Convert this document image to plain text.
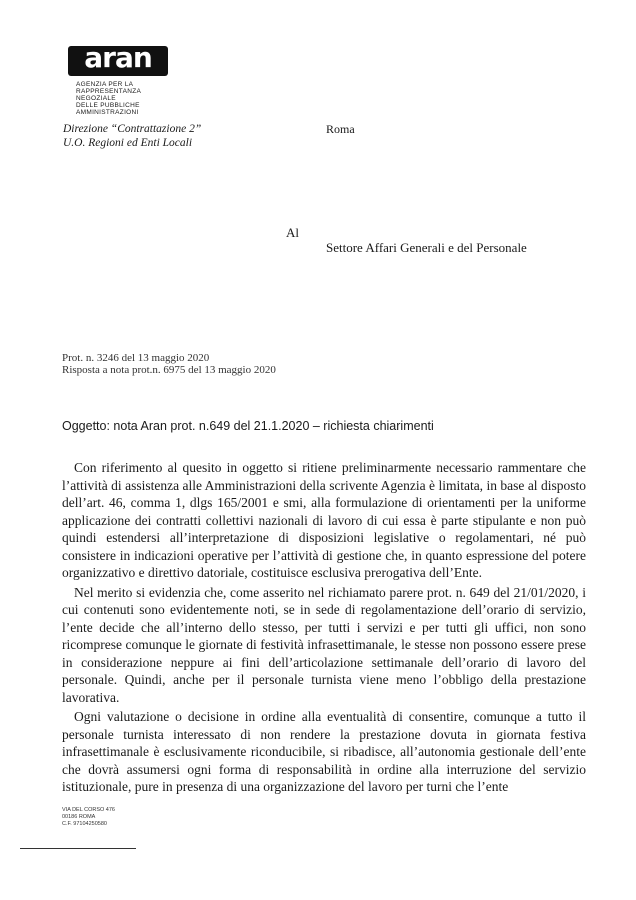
aran
AGENZIA PER LA
RAPPRESENTANZA
NEGOZIALE
DELLE PUBBLICHE
AMMINISTRAZIONI
Direzione “Contrattazione 2”
U.O. Regioni ed Enti Locali
Roma
Al
Settore Affari Generali e del Personale
Prot. n. 3246 del 13 maggio 2020
Risposta a nota prot.n. 6975 del 13 maggio 2020
Oggetto: nota Aran prot. n.649 del 21.1.2020 – richiesta chiarimenti

Con riferimento al quesito in oggetto si ritiene preliminarmente necessario rammentare che l’attività di assistenza alle Amministrazioni della scrivente Agenzia è limitata, in base al disposto dell’art. 46, comma 1, dlgs 165/2001 e smi, alla formulazione di orientamenti per la uniforme applicazione dei contratti collettivi nazionali di lavoro di cui essa è parte stipulante e non può quindi estendersi all’interpretazione di disposizioni legislative o regolamentari, né può consistere in indicazioni operative per l’attività di gestione che, in quanto espressione del potere organizzativo e direttivo datoriale, costituisce esclusiva prerogativa dell’Ente.

Nel merito si evidenzia che, come asserito nel richiamato parere prot. n. 649 del 21/01/2020, i cui contenuti sono evidentemente noti, se in sede di regolamentazione dell’orario di servizio, l’ente decide che all’interno dello stesso, per tutti i servizi e per tutti gli uffici, non sono ricomprese comunque le giornate di festività infrasettimanale, le stesse non possono essere prese in considerazione neppure ai fini dell’articolazione settimanale dell’orario di lavoro del personale. Quindi, anche per il personale turnista viene meno l’obbligo della prestazione lavorativa.

Ogni valutazione o decisione in ordine alla eventualità di consentire, comunque a tutto il personale turnista interessato di non rendere la prestazione dovuta in giornata festiva infrasettimanale è esclusivamente riconducibile, si ribadisce, all’autonomia gestionale dell’ente che dovrà assumersi ogni forma di responsabilità in ordine alla interruzione del servizio istituzionale, pure in presenza di una organizzazione del lavoro per turni che l’ente

VIA DEL CORSO 476
00186 ROMA
C.F. 97104250580
